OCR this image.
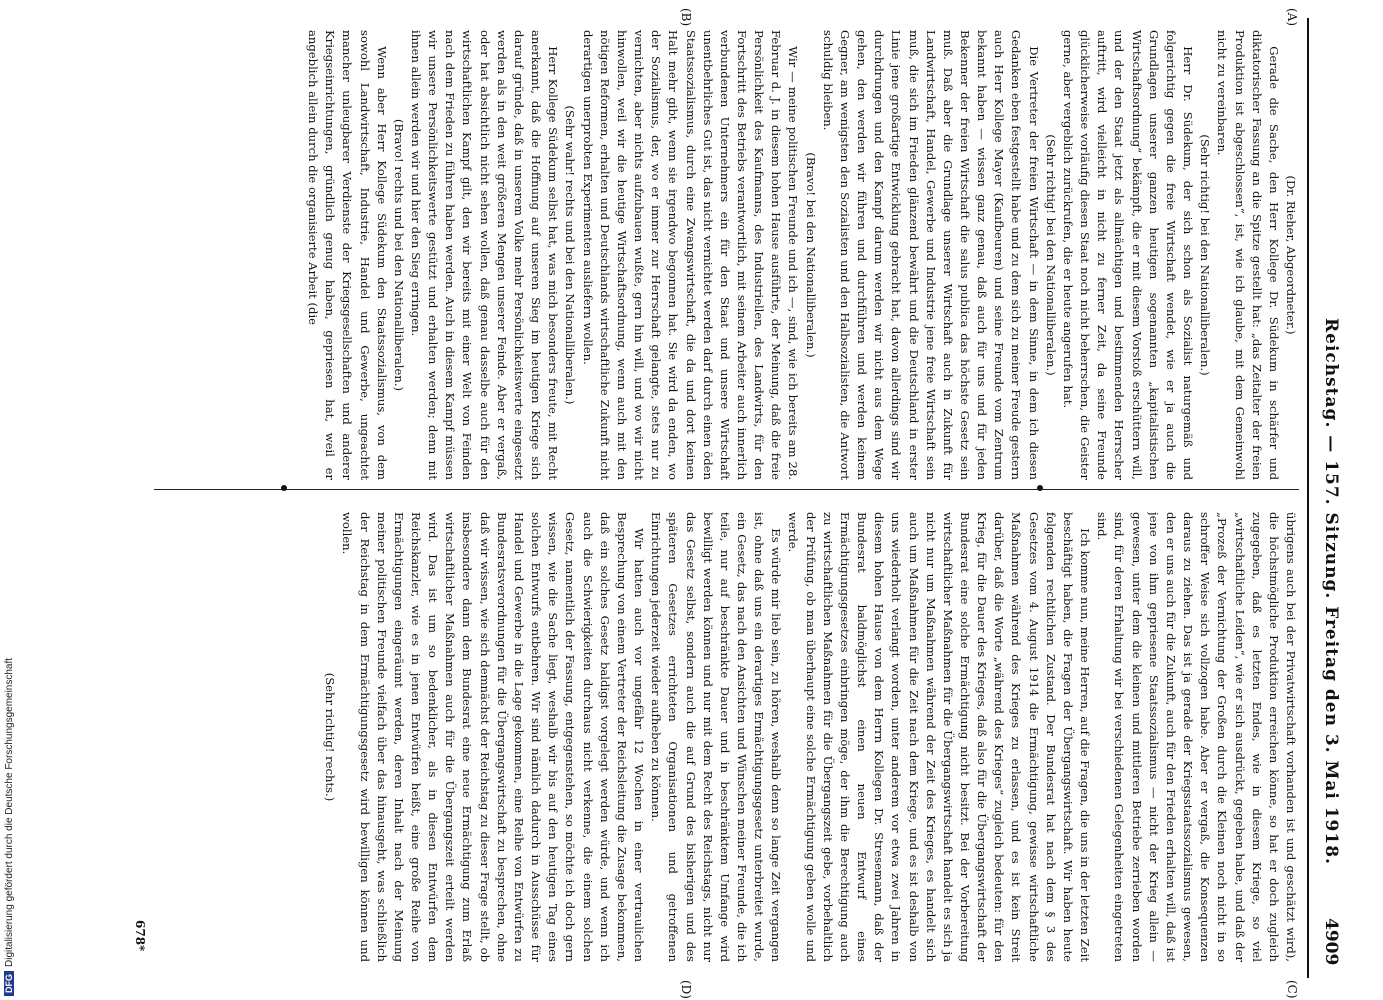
Reichstag. — 157. Sitzung. Freitag den 3. Mai 1918.
4909
(A)
(B)
(C)
(D)

(Dr. Rieher, Abgeordneter.)

Gerade die Sache, den Herr Kollege Dr. Südekum in schärfer und diktatorischer Fassung an die Spitze gestellt hat: „das Zeitalter der freien Produktion ist abgeschlossen“, ist, wie ich glaube, mit dem Gemeinwohl nicht zu vereinbaren.

(Sehr richtig! bei den Nationalliberalen.)

Herr Dr. Südekum, der sich schon als Sozialist naturgemäß und folgerichtig gegen die freie Wirtschaft wendet, wie er ja auch die Grundlagen unserer ganzen heutigen sogenannten „kapitalistischen Wirtschaftsordnung“ bekämpft, die er mit diesem Vorstoß erschüttern will, und der den Staat jetzt als allmächtigen und bestimmenden Herrscher auftritt, wird vielleicht in nicht zu ferner Zeit, da seine Freunde glücklicherweise vorläufig diesen Staat noch nicht beherrschen, die Geister gerne, aber vergeblich zurückrufen, die er heute angerufen hat.

(Sehr richtig! bei den Nationalliberalen.)

Die Vertreter der freien Wirtschaft — in dem Sinne, in dem ich diesen Gedanken eben festgestellt habe und zu dem sich zu meiner Freude gestern auch Herr Kollege Mayer (Kaufbeuren) und seine Freunde vom Zentrum bekannt haben — wissen ganz genau, daß auch für uns und für jeden Bekenner der freien Wirtschaft die salus publica das höchste Gesetz sein muß. Daß aber die Grundlage unserer Wirtschaft auch in Zukunft für Landwirtschaft, Handel, Gewerbe und Industrie jene freie Wirtschaft sein muß, die sich im Frieden glänzend bewährt und die Deutschland in erster Linie jene großartige Entwicklung gebracht hat, davon allerdings sind wir durchdrungen und den Kampf darum werden wir nicht aus dem Wege gehen, den werden wir führen und durchführen und werden keinem Gegner, am wenigsten den Sozialisten und den Halbsozialisten, die Antwort schuldig bleiben.

(Bravo! bei den Nationalliberalen.)

Wir — meine politischen Freunde und ich —, sind, wie ich bereits am 28. Februar d. J. in diesem hohen Hause ausführte, der Meinung, daß die freie Persönlichkeit des Kaufmanns, des Industriellen, des Landwirts, für den Fortschritt des Betriebs verantwortlich, mit seinem Arbeiter auch innerlich verbundenen Unternehmers ein für den Staat und unsere Wirtschaft unentbehrliches Gut ist, das nicht vernichtet werden darf durch einen öden Staatssozialismus, durch eine Zwangswirtschaft, die da und dort keinen Halt mehr gibt, wenn sie irgendwo begonnen hat. Sie wird da enden, wo der Sozialismus, der, wo er immer zur Herrschaft gelangte, stets nur zu vernichten, aber nichts aufzubauen wußte, gern hin will, und wo wir nicht hinwollen, weil wir die heutige Wirtschaftsordnung, wenn auch mit den nötigen Reformen, erhalten und Deutschlands wirtschaftliche Zukunft nicht derartigen unerprobten Experimenten ausliefern wollen.

(Sehr wahr! rechts und bei den Nationalliberalen.)

Herr Kollege Südekum selbst hat, was mich besonders freute, mit Recht anerkannt, daß die Hoffnung auf unseren Sieg im heutigen Kriege sich darauf gründe, daß in unserem Volke mehr Persönlichkeitswerte eingesetzt werden als in den weit größeren Mengen unserer Feinde. Aber er vergaß, oder hat absichtlich nicht sehen wollen, daß genau dasselbe auch für den wirtschaftlichen Kampf gilt, den wir bereits mit einer Welt von Feinden nach dem Frieden zu führen haben werden. Auch in diesem Kampf müssen wir unsere Persönlichkeitswerte gestützt und erhalten werden; denn mit ihnen allein werden wir und hier den Sieg erringen.

(Bravo! rechts und bei den Nationalliberalen.)

Wenn aber Herr Kollege Südekum den Staatssozialismus, von dem sowohl Landwirtschaft, Industrie, Handel und Gewerbe, ungeachtet mancher unleugbarer Verdienste der Kriegsgesellschaften und anderer Kriegseinrichtungen, gründlich genug haben, gepriesen hat, weil er angeblich allein durch die organisierte Arbeit (die

übrigens auch bei der Privatwirtschaft vorhanden ist und geschätzt wird), die höchstmögliche Produktion erreichen könne, so hat er doch zugleich zugegeben, daß es letzten Endes, wie in diesem Kriege, so viel „wirtschaftliche Leiden“, wie er sich ausdrückt, gegeben habe, und daß der „Prozeß der Vernichtung der Großen durch die Kleinen noch nicht in so schroffer Weise sich vollzogen habe. Aber er vergaß, die Konsequenzen daraus zu ziehen. Das ist ja gerade der Kriegsstaatssozialismus gewesen, den er uns auch für die Zukunft, auch für den Frieden erhalten will, daß ist jene von ihm gepriesene Staatssozialismus — nicht der Krieg allein — gewesen, unter dem die kleinen und mittleren Betriebe zerrieben worden sind, für deren Erhaltung wir bei verschiedenen Gelegenheiten eingetreten sind.

Ich komme nun, meine Herren, auf die Fragen, die uns in der letzten Zeit beschäftigt haben, die Fragen der Übergangswirtschaft. Wir haben heute folgenden rechtlichen Zustand. Der Bundesrat hat nach dem § 3 des Gesetzes vom 4. August 1914 die Ermächtigung, gewisse wirtschaftliche Maßnahmen während des Krieges zu erlassen, und es ist kein Streit darüber, daß die Worte „während des Krieges“ zugleich bedeuten: für den Krieg, für die Dauer des Krieges, daß also für die Übergangswirtschaft der Bundesrat eine solche Ermächtigung nicht besitzt. Bei der Vorbereitung wirtschaftlicher Maßnahmen für die Übergangswirtschaft handelt es sich ja nicht nur um Maßnahmen während der Zeit des Krieges, es handelt sich auch um Maßnahmen für die Zeit nach dem Kriege, und es ist deshalb von uns wiederholt verlangt worden, unter anderem vor etwa zwei Jahren in diesem hohen Hause von dem Herrn Kollegen Dr. Stresemann, daß der Bundesrat baldmöglichst einen neuen Entwurf eines Ermächtigungsgesetzes einbringen möge, der ihm die Berechtigung auch zu wirtschaftlichen Maßnahmen für die Übergangszeit gebe, vorbehaltlich der Prüfung, ob man überhaupt eine solche Ermächtigung geben wolle und werde.

Es würde mir lieb sein, zu hören, weshalb denn so lange Zeit vergangen ist, ohne daß uns ein derartiges Ermächtigungsgesetz unterbreitet wurde, ein Gesetz, das nach den Ansichten und Wünschen meiner Freunde, die ich teile, nur auf beschränkte Dauer und in beschränktem Umfange wird bewilligt werden können und nur mit dem Recht des Reichstags, nicht nur das Gesetz selbst, sondern auch die auf Grund des bisherigen und des späteren Gesetzes errichteten Organisationen und getroffenen Einrichtungen jederzeit wieder aufheben zu können.

Wir hatten auch vor ungefähr 12 Wochen in einer vertraulichen Besprechung von einem Vertreter der Reichsleitung die Zusage bekommen, daß ein solches Gesetz baldigst vorgelegt werden würde, und wenn ich auch die Schwierigkeiten durchaus nicht verkenne, die einem solchen Gesetz, namentlich der Fassung, entgegenstehen, so möchte ich doch gern wissen, wie die Sache liegt, weshalb wir bis auf den heutigen Tag eines solchen Entwurfs entbehren. Wir sind nämlich dadurch in Ausschüsse für Handel und Gewerbe in die Lage gekommen, eine Reihe von Entwürfen zu Bundesratsverordnungen für die Übergangswirtschaft zu besprechen, ohne daß wir wissen, wie sich demnächst der Reichstag zu dieser Frage stellt, ob insbesondere dann dem Bundesrat eine neue Ermächtigung zum Erlaß wirtschaftlicher Maßnahmen auch für die Übergangszeit erteilt werden wird. Das ist um so bedenklicher, als in diesen Entwürfen dem Reichskanzler, wie es in jenen Entwürfen heißt, eine große Reihe von Ermächtigungen eingeräumt werden, deren Inhalt nach der Meinung meiner politischen Freunde vielfach über das hinausgeht, was schließlich der Reichstag in dem Ermächtigungsgesetz wird bewilligen können und wollen.

(Sehr richtig! rechts.)

678*
DFGDigitalisierung gefördert durch die Deutsche Forschungsgemeinschaft
